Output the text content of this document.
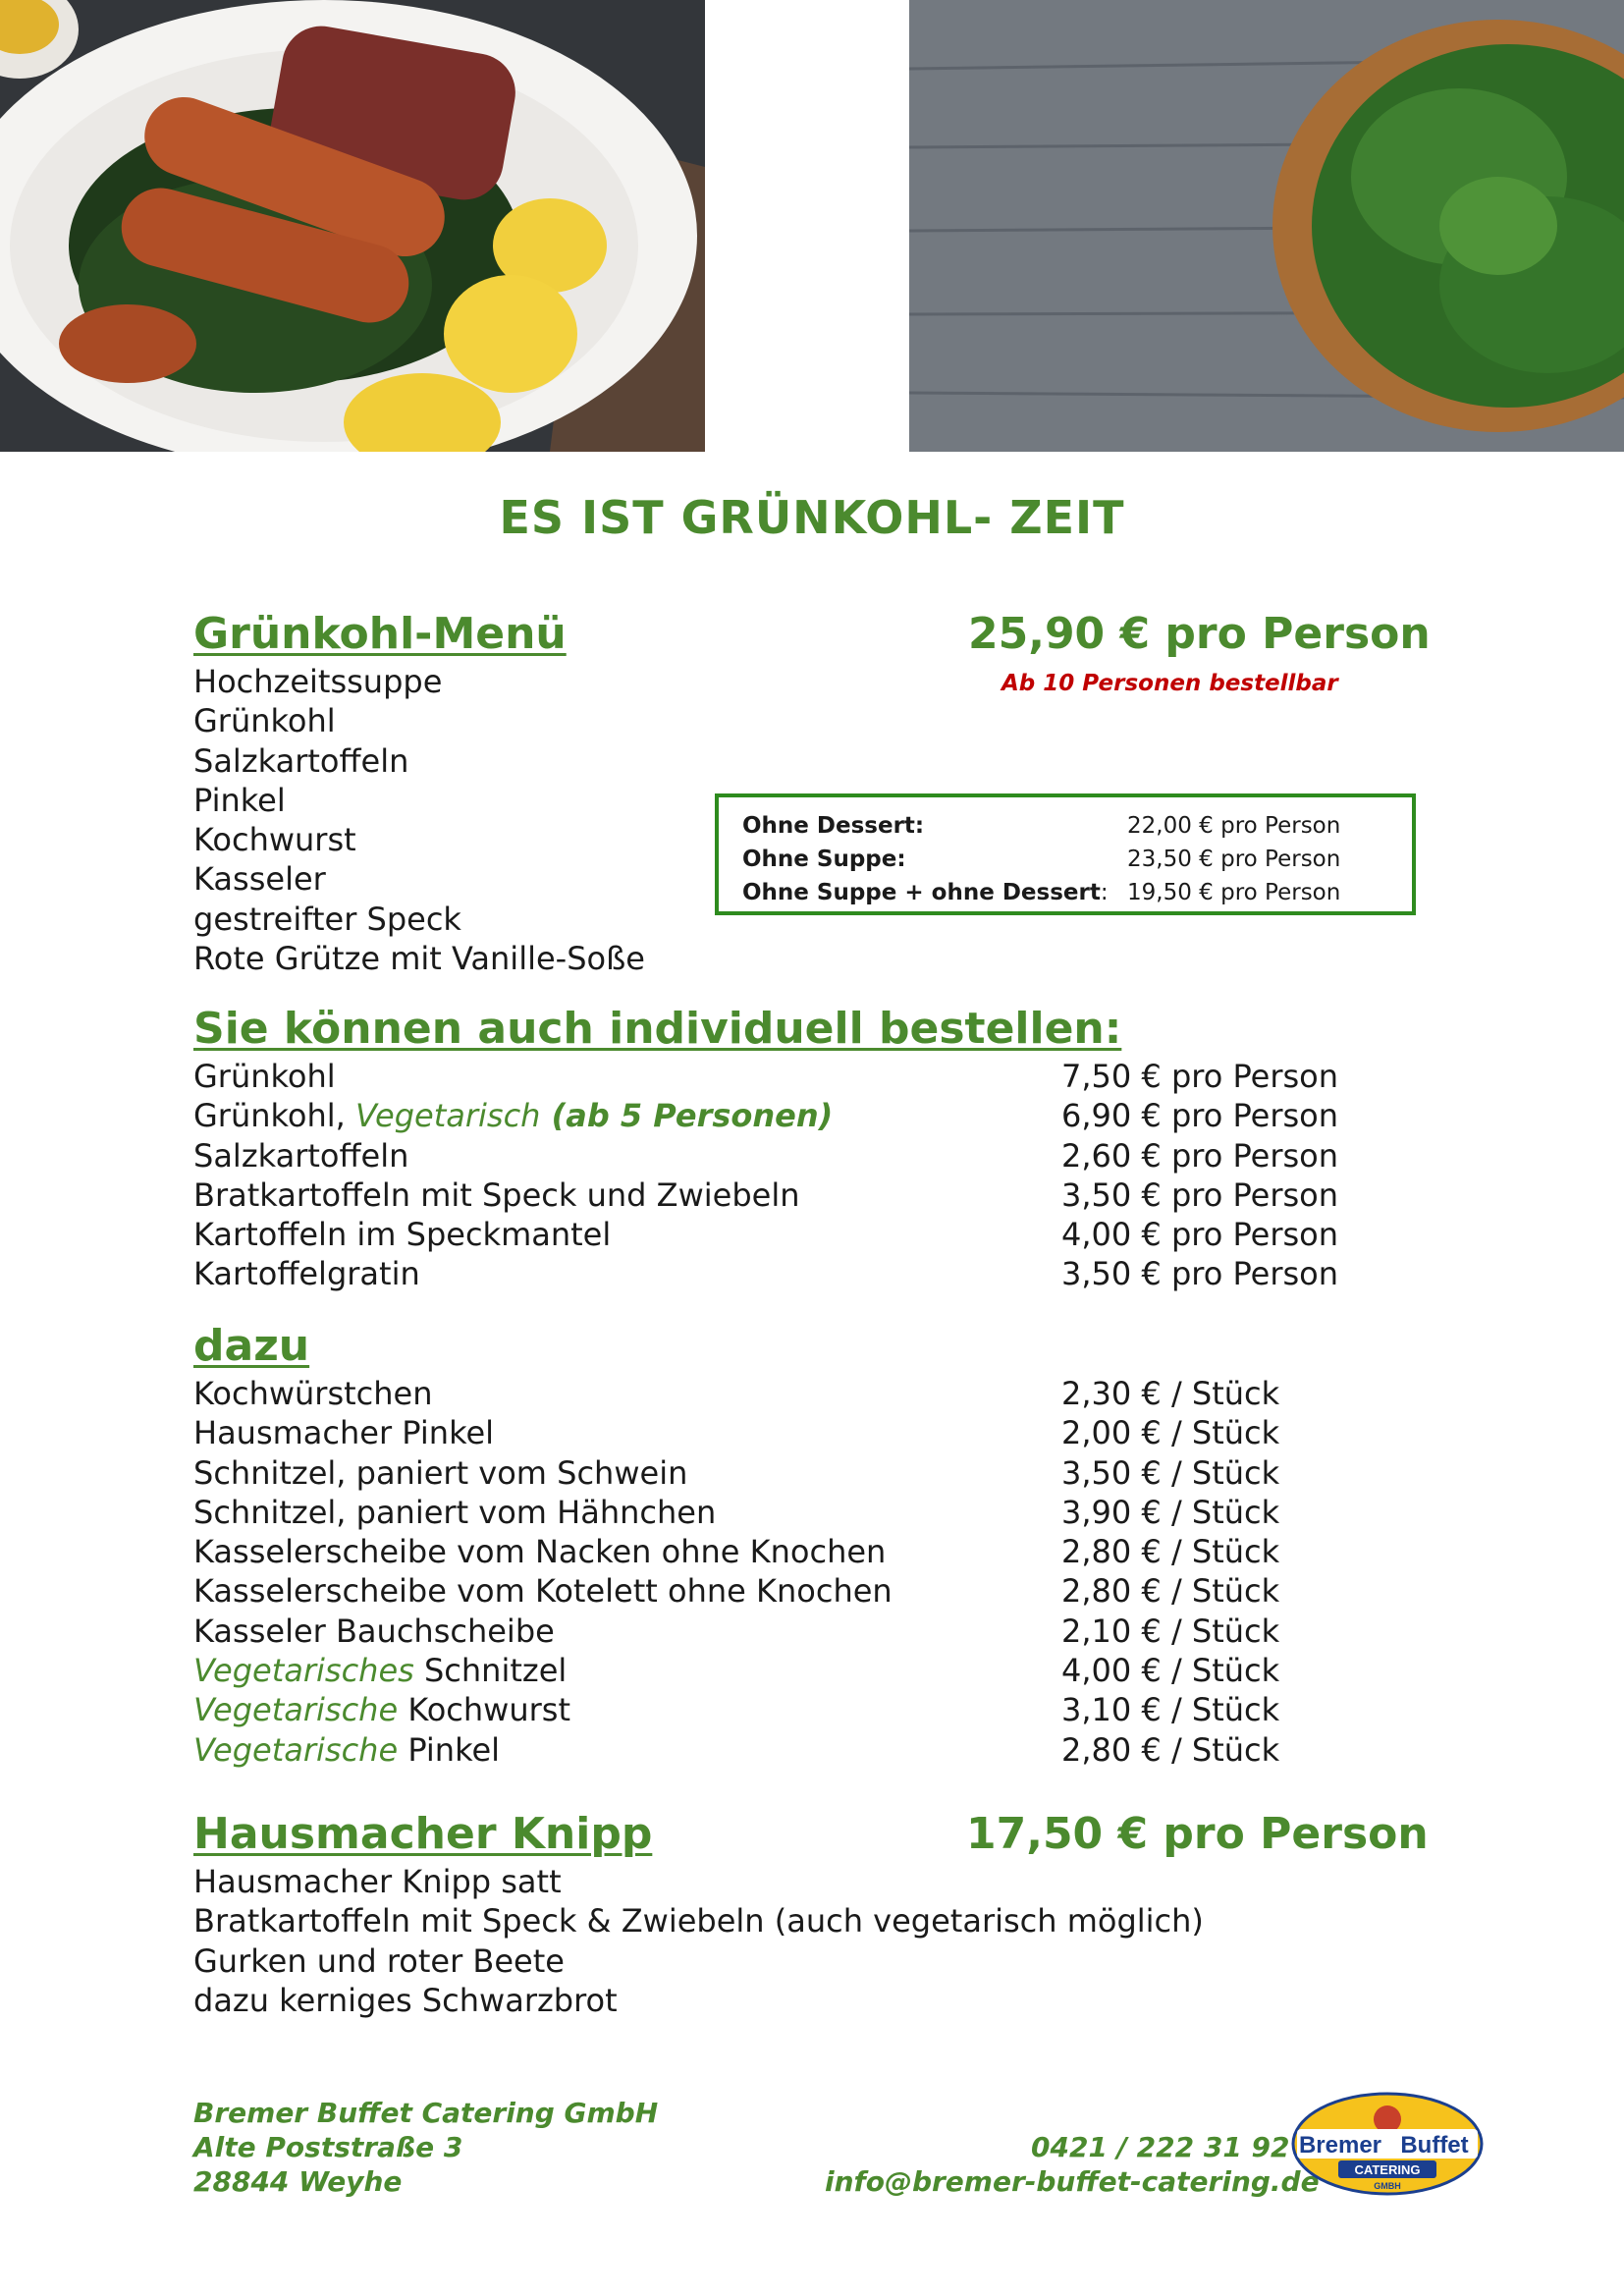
ES IST GRÜNKOHL- ZEIT
Grünkohl-Menü	25,90 € pro Person
Ab 10 Personen bestellbar
Hochzeitssuppe
Grünkohl
Salzkartoffeln
Pinkel
Kochwurst
Kasseler
gestreifter Speck
Rote Grütze mit Vanille-Soße
Ohne Dessert:	22,00 € pro Person
Ohne Suppe:	23,50 € pro Person
Ohne Suppe + ohne Dessert: 19,50 € pro Person
Sie können auch individuell bestellen:
Grünkohl	7,50 € pro Person
Grünkohl, Vegetarisch (ab 5 Personen)	6,90 € pro Person
Salzkartoffeln	2,60 € pro Person
Bratkartoffeln mit Speck und Zwiebeln	3,50 € pro Person
Kartoffeln im Speckmantel	4,00 € pro Person
Kartoffelgratin	3,50 € pro Person
dazu
Kochwürstchen	2,30 € / Stück
Hausmacher Pinkel	2,00 € / Stück
Schnitzel, paniert vom Schwein	3,50 € / Stück
Schnitzel, paniert vom Hähnchen	3,90 € / Stück
Kasselerscheibe vom Nacken ohne Knochen	2,80 € / Stück
Kasselerscheibe vom Kotelett ohne Knochen	2,80 € / Stück
Kasseler Bauchscheibe	2,10 € / Stück
Vegetarisches Schnitzel	4,00 € / Stück
Vegetarische Kochwurst	3,10 € / Stück
Vegetarische Pinkel	2,80 € / Stück
Hausmacher Knipp	17,50 € pro Person
Hausmacher Knipp satt
Bratkartoffeln mit Speck & Zwiebeln (auch vegetarisch möglich)
Gurken und roter Beete
dazu kerniges Schwarzbrot
Bremer Buffet Catering GmbH
Alte Poststraße 3
28844 Weyhe
0421 / 222 31 92
info@bremer-buffet-catering.de
Bremer Buffet
CATERING
GMBH
